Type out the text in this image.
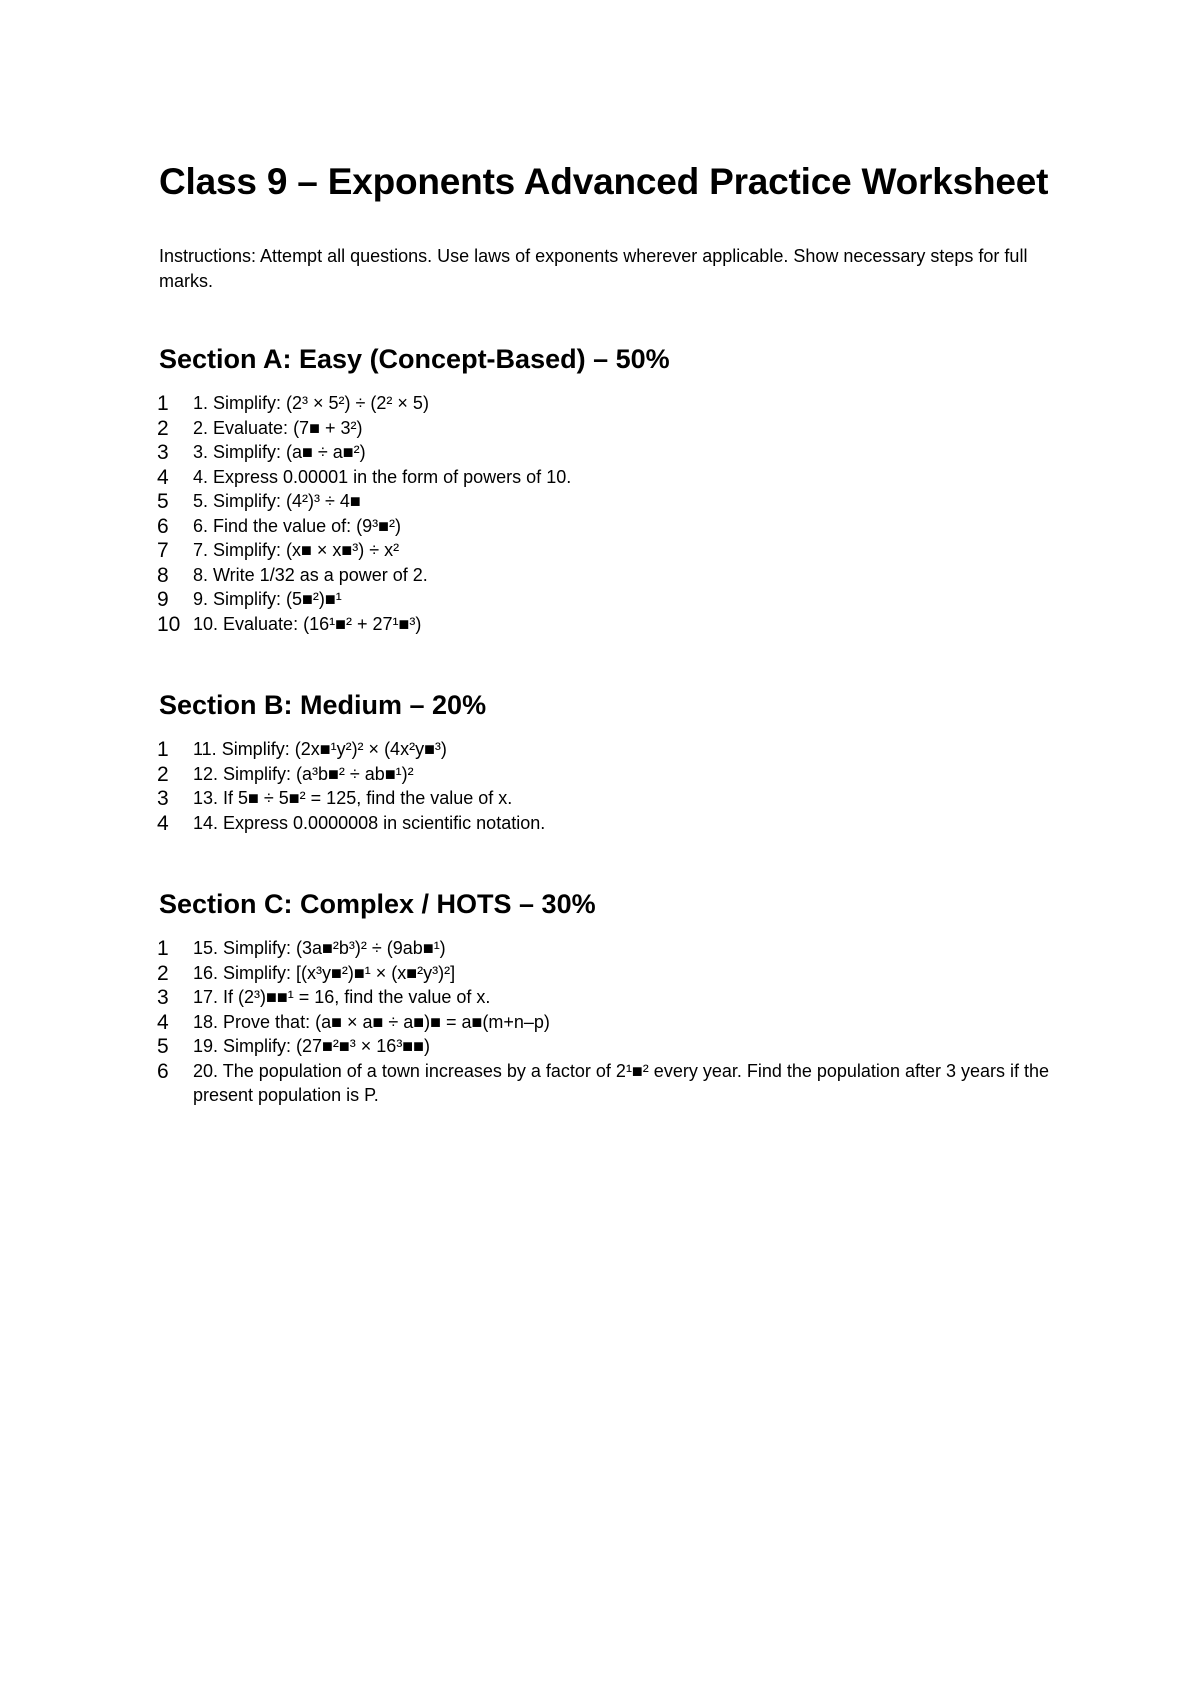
Class 9 – Exponents Advanced Practice Worksheet

Instructions: Attempt all questions. Use laws of exponents wherever applicable. Show necessary steps for full marks.

Section A: Easy (Concept-Based) – 50%
1 1. Simplify: (2³ × 5²) ÷ (2² × 5)
2 2. Evaluate: (7■ + 3²)
3 3. Simplify: (a■ ÷ a■²)
4 4. Express 0.00001 in the form of powers of 10.
5 5. Simplify: (4²)³ ÷ 4■
6 6. Find the value of: (9³■²)
7 7. Simplify: (x■ × x■³) ÷ x²
8 8. Write 1/32 as a power of 2.
9 9. Simplify: (5■²)■¹
10 10. Evaluate: (16¹■² + 27¹■³)
Section B: Medium – 20%
1 11. Simplify: (2x■¹y²)² × (4x²y■³)
2 12. Simplify: (a³b■² ÷ ab■¹)²
3 13. If 5■ ÷ 5■² = 125, find the value of x.
4 14. Express 0.0000008 in scientific notation.
Section C: Complex / HOTS – 30%
1 15. Simplify: (3a■²b³)² ÷ (9ab■¹)
2 16. Simplify: [(x³y■²)■¹ × (x■²y³)²]
3 17. If (2³)■■¹ = 16, find the value of x.
4 18. Prove that: (a■ × a■ ÷ a■)■ = a■(m+n–p)
5 19. Simplify: (27■²■³ × 16³■■)
6 20. The population of a town increases by a factor of 2¹■² every year. Find the population after 3 years if the present population is P.
